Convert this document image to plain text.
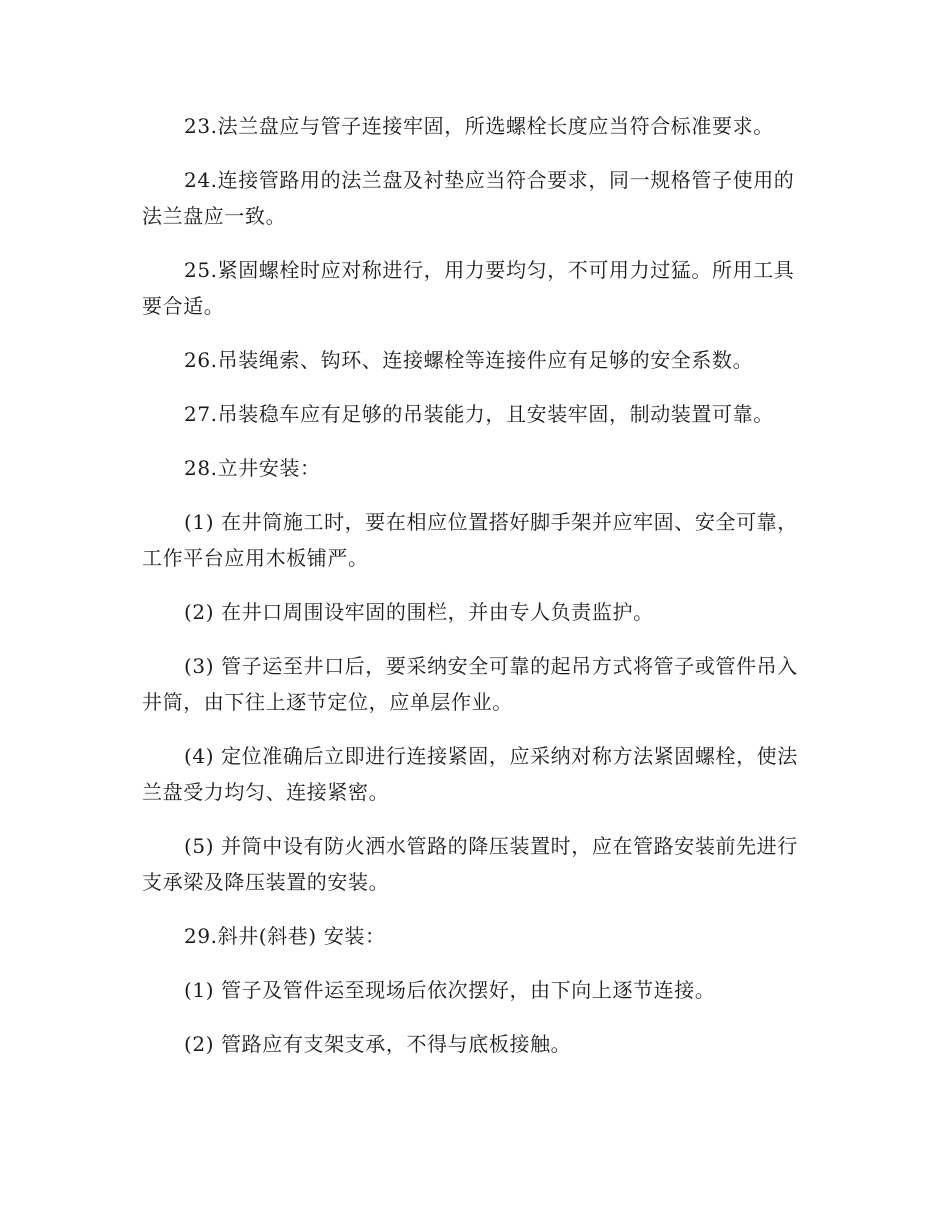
23.法兰盘应与管子连接牢固，所选螺栓长度应当符合标准要求。

24.连接管路用的法兰盘及衬垫应当符合要求，同一规格管子使用的法兰盘应一致。

25.紧固螺栓时应对称进行，用力要均匀，不可用力过猛。所用工具要合适。

26.吊装绳索、钩环、连接螺栓等连接件应有足够的安全系数。

27.吊装稳车应有足够的吊装能力，且安装牢固，制动装置可靠。

28.立井安装：

(1) 在井筒施工时，要在相应位置搭好脚手架并应牢固、安全可靠，工作平台应用木板铺严。

(2) 在井口周围设牢固的围栏，并由专人负责监护。

(3) 管子运至井口后，要采纳安全可靠的起吊方式将管子或管件吊入井筒，由下往上逐节定位，应单层作业。

(4) 定位准确后立即进行连接紧固，应采纳对称方法紧固螺栓，使法兰盘受力均匀、连接紧密。

(5) 并筒中设有防火洒水管路的降压装置时，应在管路安装前先进行支承梁及降压装置的安装。

29.斜井(斜巷) 安装：

(1) 管子及管件运至现场后依次摆好，由下向上逐节连接。

(2) 管路应有支架支承，不得与底板接触。
